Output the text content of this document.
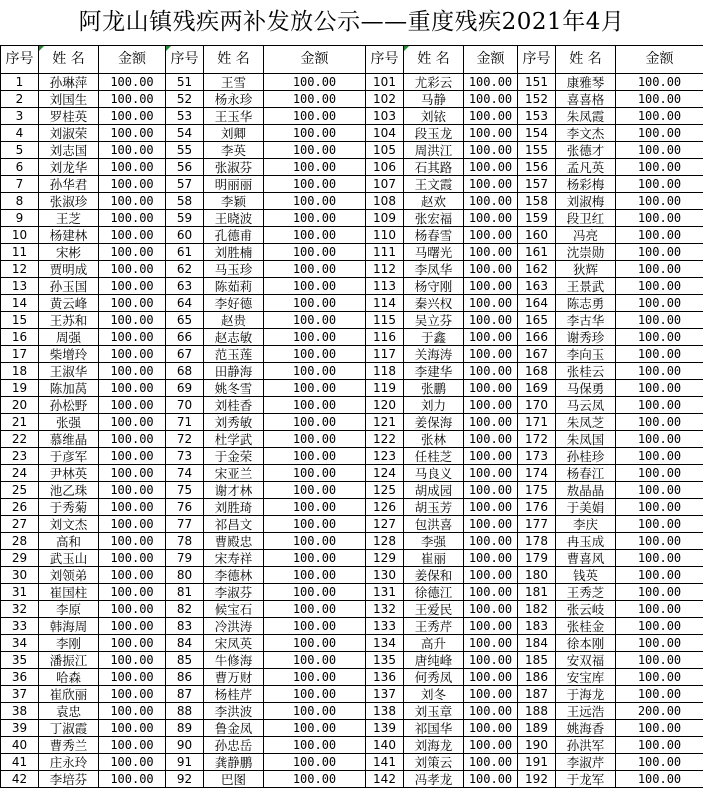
阿龙山镇残疾两补发放公示——重度残疾2021年4月
序号	姓 名	金额	序号	姓 名	金额	序号	姓 名	金额	序号	姓 名	金额
1	孙琳萍	100.00	51	王雪	100.00	101	尤彩云	100.00	151	康雅琴	100.00
2	刘国生	100.00	52	杨永珍	100.00	102	马静	100.00	152	喜喜格	100.00
3	罗桂英	100.00	53	王玉华	100.00	103	刘铱	100.00	153	朱凤霞	100.00
4	刘淑荣	100.00	54	刘卿	100.00	104	段玉龙	100.00	154	李文杰	100.00
5	刘志国	100.00	55	李英	100.00	105	周洪江	100.00	155	张德才	100.00
6	刘龙华	100.00	56	张淑芬	100.00	106	石其路	100.00	156	孟凡英	100.00
7	孙华君	100.00	57	明丽丽	100.00	107	王文霞	100.00	157	杨彩梅	100.00
8	张淑珍	100.00	58	李颖	100.00	108	赵欢	100.00	158	刘淑梅	100.00
9	王芝	100.00	59	王晓波	100.00	109	张宏福	100.00	159	段卫红	100.00
10	杨建林	100.00	60	孔德甫	100.00	110	杨春雪	100.00	160	冯亮	100.00
11	宋彬	100.00	61	刘胜楠	100.00	111	马曙光	100.00	161	沈崇勋	100.00
12	贾明成	100.00	62	马玉珍	100.00	112	李凤华	100.00	162	狄辉	100.00
13	孙玉国	100.00	63	陈茹莉	100.00	113	杨守刚	100.00	163	王景武	100.00
14	黄云峰	100.00	64	李好德	100.00	114	秦兴权	100.00	164	陈志勇	100.00
15	王苏和	100.00	65	赵贵	100.00	115	吴立芬	100.00	165	李古华	100.00
16	周强	100.00	66	赵志敏	100.00	116	于鑫	100.00	166	谢秀珍	100.00
17	柴增玲	100.00	67	范玉莲	100.00	117	关海涛	100.00	167	李向玉	100.00
18	王淑华	100.00	68	田静海	100.00	118	李建华	100.00	168	张桂云	100.00
19	陈加莴	100.00	69	姚冬雪	100.00	119	张鹏	100.00	169	马保勇	100.00
20	孙松野	100.00	70	刘桂香	100.00	120	刘力	100.00	170	马云凤	100.00
21	张强	100.00	71	刘秀敏	100.00	121	姜保海	100.00	171	朱凤芝	100.00
22	慕维晶	100.00	72	杜学武	100.00	122	张林	100.00	172	朱凤国	100.00
23	于彦军	100.00	73	于金荣	100.00	123	任桂芝	100.00	173	孙桂珍	100.00
24	尹林英	100.00	74	宋亚兰	100.00	124	马良义	100.00	174	杨春江	100.00
25	池乙珠	100.00	75	谢才林	100.00	125	胡成园	100.00	175	敖晶晶	100.00
26	于秀菊	100.00	76	刘胜琦	100.00	126	胡玉芳	100.00	176	于美娟	100.00
27	刘文杰	100.00	77	祁昌文	100.00	127	包洪喜	100.00	177	李庆	100.00
28	高和	100.00	78	曹殿忠	100.00	128	李强	100.00	178	冉玉成	100.00
29	武玉山	100.00	79	宋寿祥	100.00	129	崔丽	100.00	179	曹喜风	100.00
30	刘领弟	100.00	80	李德林	100.00	130	姜保和	100.00	180	钱英	100.00
31	崔国柱	100.00	81	李淑芬	100.00	131	徐德江	100.00	181	王秀芝	100.00
32	李原	100.00	82	候宝石	100.00	132	王爱民	100.00	182	张云岐	100.00
33	韩海周	100.00	83	冷洪涛	100.00	133	王秀芹	100.00	183	张桂金	100.00
34	李刚	100.00	84	宋凤英	100.00	134	高升	100.00	184	徐本刚	100.00
35	潘振江	100.00	85	牛修海	100.00	135	唐纯峰	100.00	185	安双福	100.00
36	哈森	100.00	86	曹万财	100.00	136	何秀凤	100.00	186	安宝库	100.00
37	崔欣丽	100.00	87	杨桂芹	100.00	137	刘冬	100.00	187	于海龙	100.00
38	袁忠	100.00	88	李洪波	100.00	138	刘玉章	100.00	188	王远浩	200.00
39	丁淑霞	100.00	89	鲁金凤	100.00	139	祁国华	100.00	189	姚海香	100.00
40	曹秀兰	100.00	90	孙忠岳	100.00	140	刘海龙	100.00	190	孙洪军	100.00
41	庄永玲	100.00	91	龚静鹏	100.00	141	刘策云	100.00	191	李淑芹	100.00
42	李培芬	100.00	92	巴图	100.00	142	冯孝龙	100.00	192	于龙军	100.00
